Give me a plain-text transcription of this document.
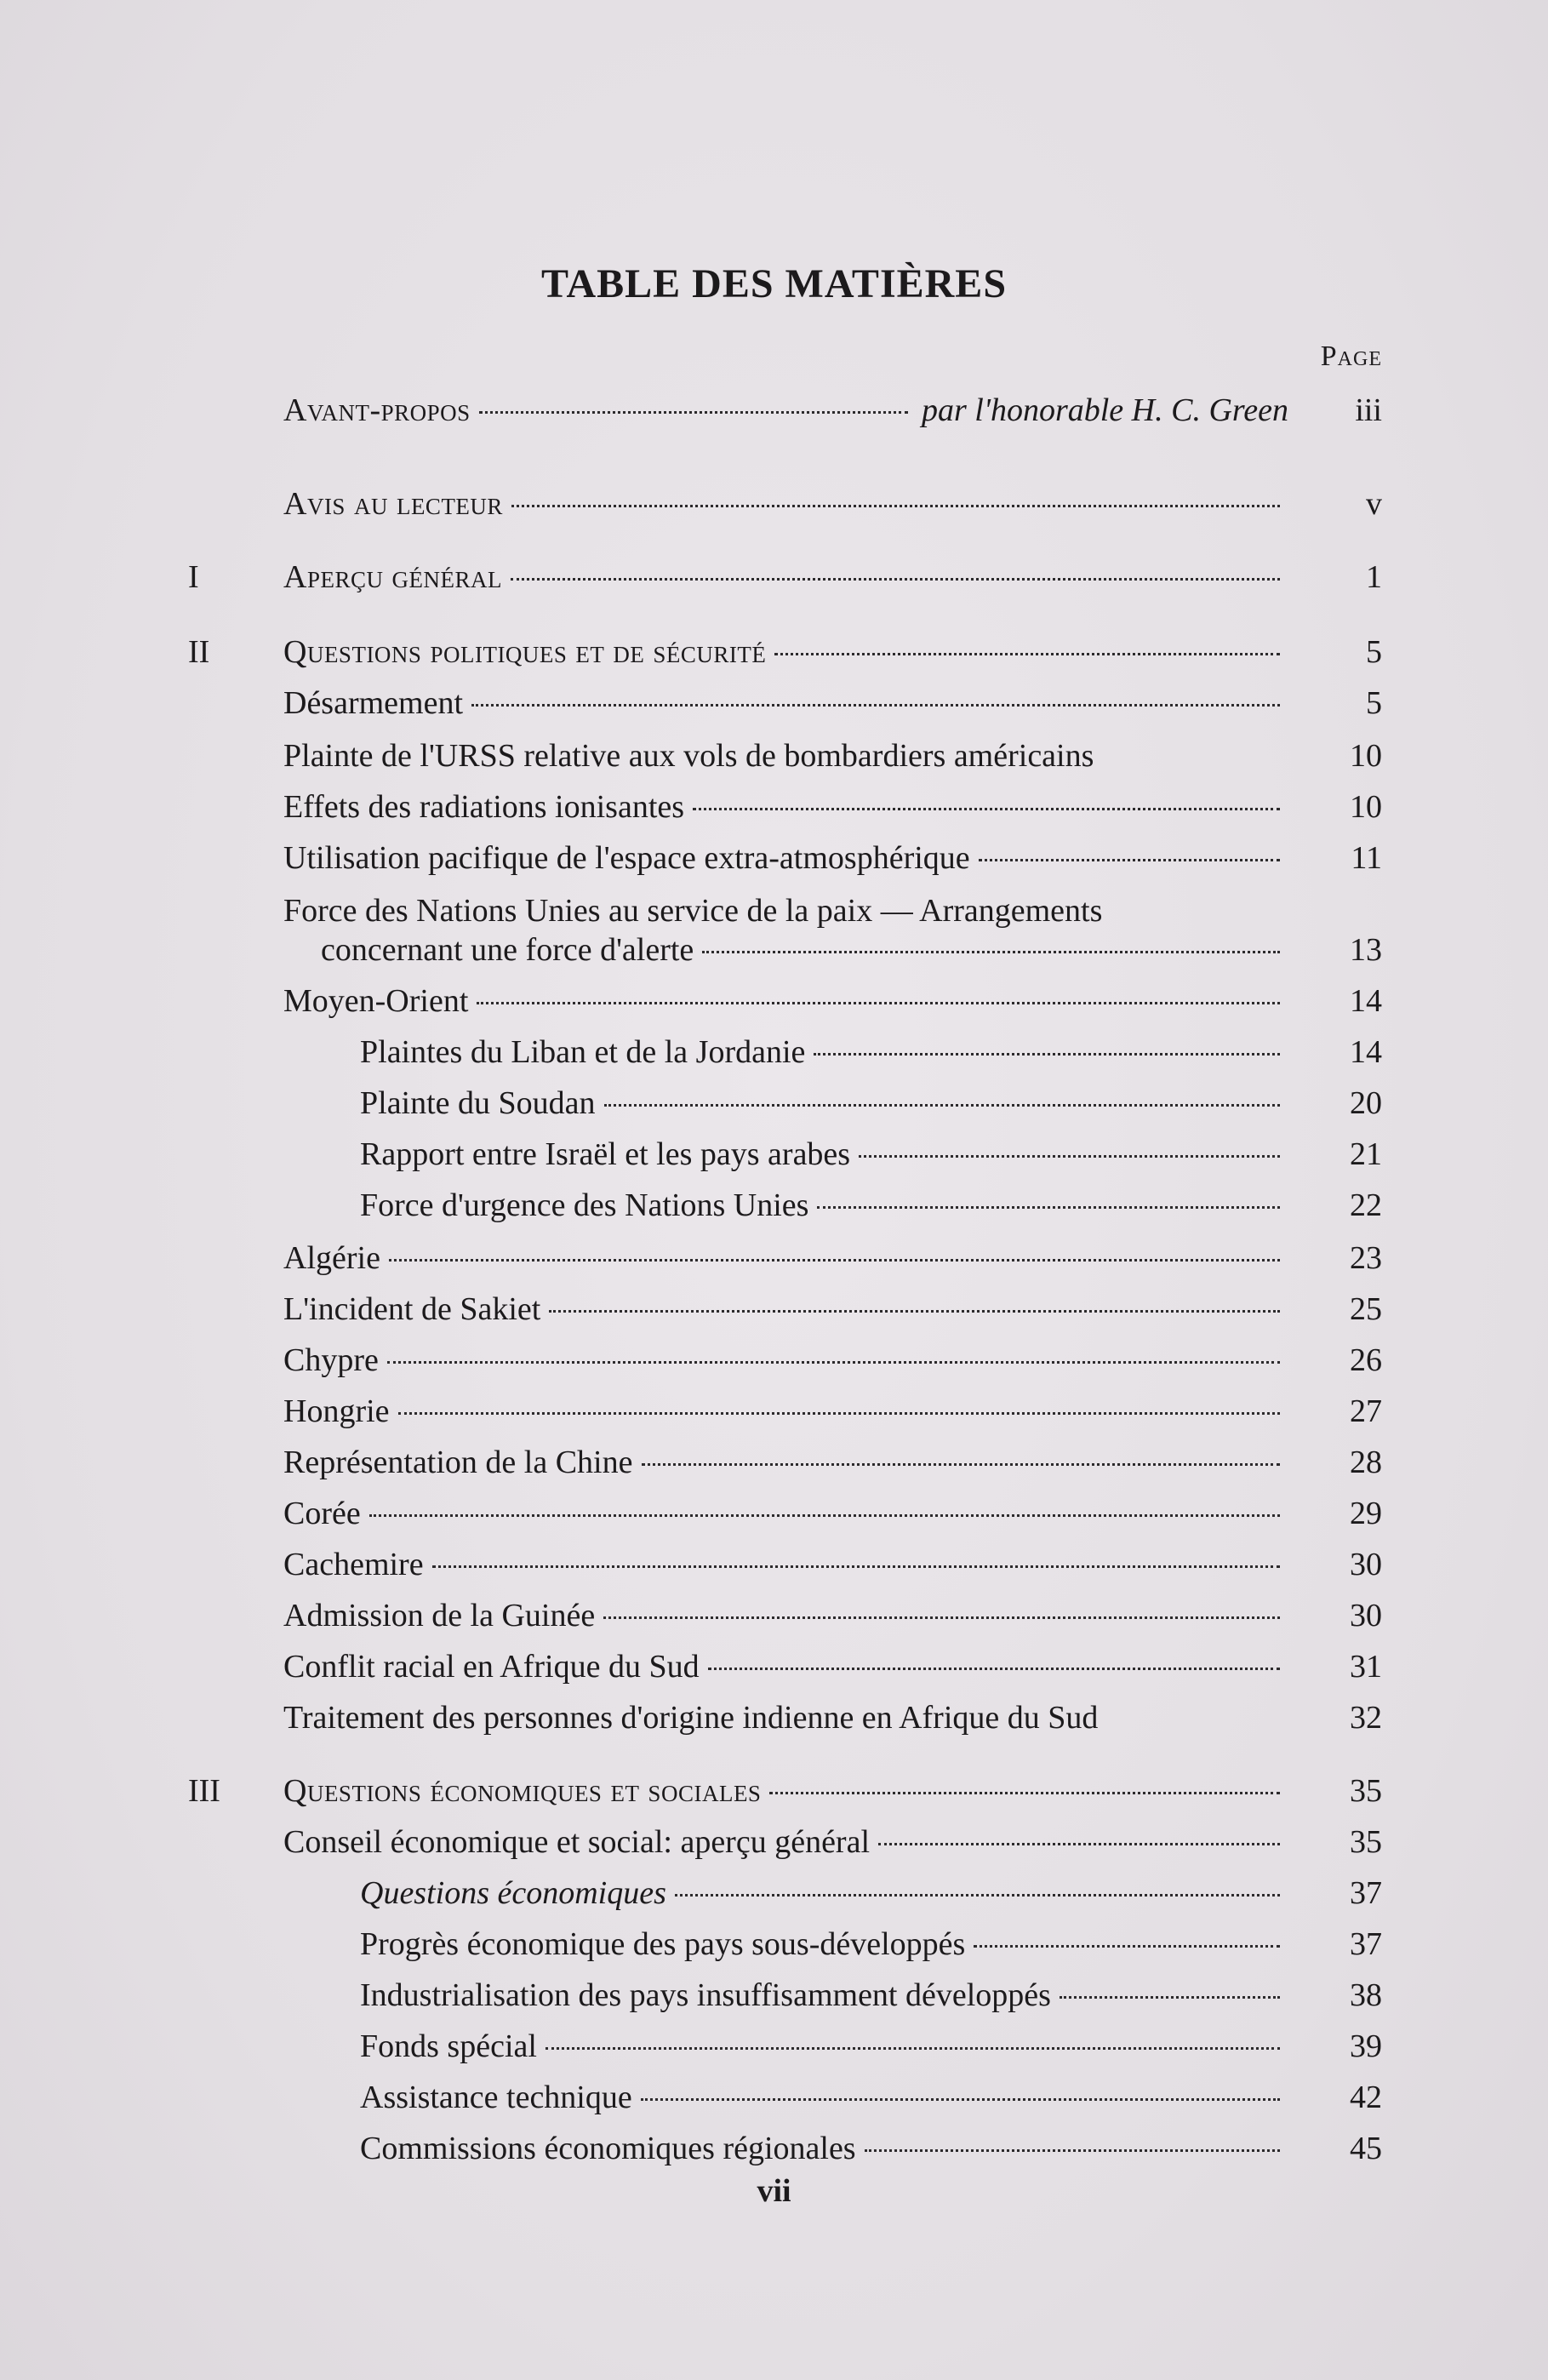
TABLE DES MATIÈRES
Page
Avant-propos	par l'honorable H. C. Green	iii
Avis au lecteur	v
I	Aperçu général	1
II	Questions politiques et de sécurité	5
Désarmement	5
Plainte de l'URSS relative aux vols de bombardiers américains	10
Effets des radiations ionisantes	10
Utilisation pacifique de l'espace extra-atmosphérique	11
Force des Nations Unies au service de la paix — Arrangements
concernant une force d'alerte	13
Moyen-Orient	14
Plaintes du Liban et de la Jordanie	14
Plainte du Soudan	20
Rapport entre Israël et les pays arabes	21
Force d'urgence des Nations Unies	22
Algérie	23
L'incident de Sakiet	25
Chypre	26
Hongrie	27
Représentation de la Chine	28
Corée	29
Cachemire	30
Admission de la Guinée	30
Conflit racial en Afrique du Sud	31
Traitement des personnes d'origine indienne en Afrique du Sud	32
III	Questions économiques et sociales	35
Conseil économique et social: aperçu général	35
Questions économiques	37
Progrès économique des pays sous-développés	37
Industrialisation des pays insuffisamment développés	38
Fonds spécial	39
Assistance technique	42
Commissions économiques régionales	45
vii
